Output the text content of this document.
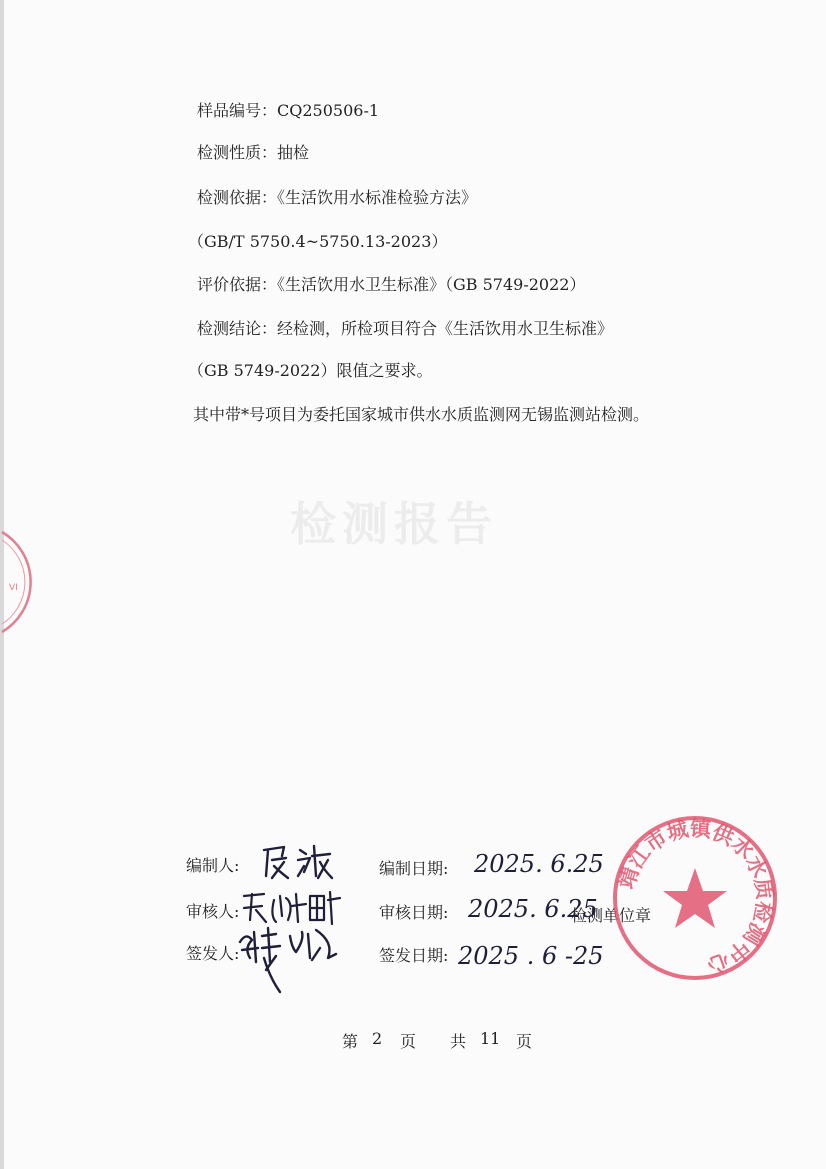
检测报告
VI
样品编号：CQ250506-1
检测性质：抽检
检测依据：《生活饮用水标准检验方法》
（GB/T 5750.4~5750.13-2023）
评价依据：《生活饮用水卫生标准》（GB 5749-2022）
检测结论：经检测，所检项目符合《生活饮用水卫生标准》
（GB 5749-2022）限值之要求。
其中带*号项目为委托国家城市供水水质监测网无锡监测站检测。
编制人:
审核人:
签发人:
编制日期:
审核日期:
签发日期:
检测单位章
2025. 6.25
2025. 6.25
2025 . 6 -25
靖江市城镇供水水质检测中心
第 2 页 共 11 页
